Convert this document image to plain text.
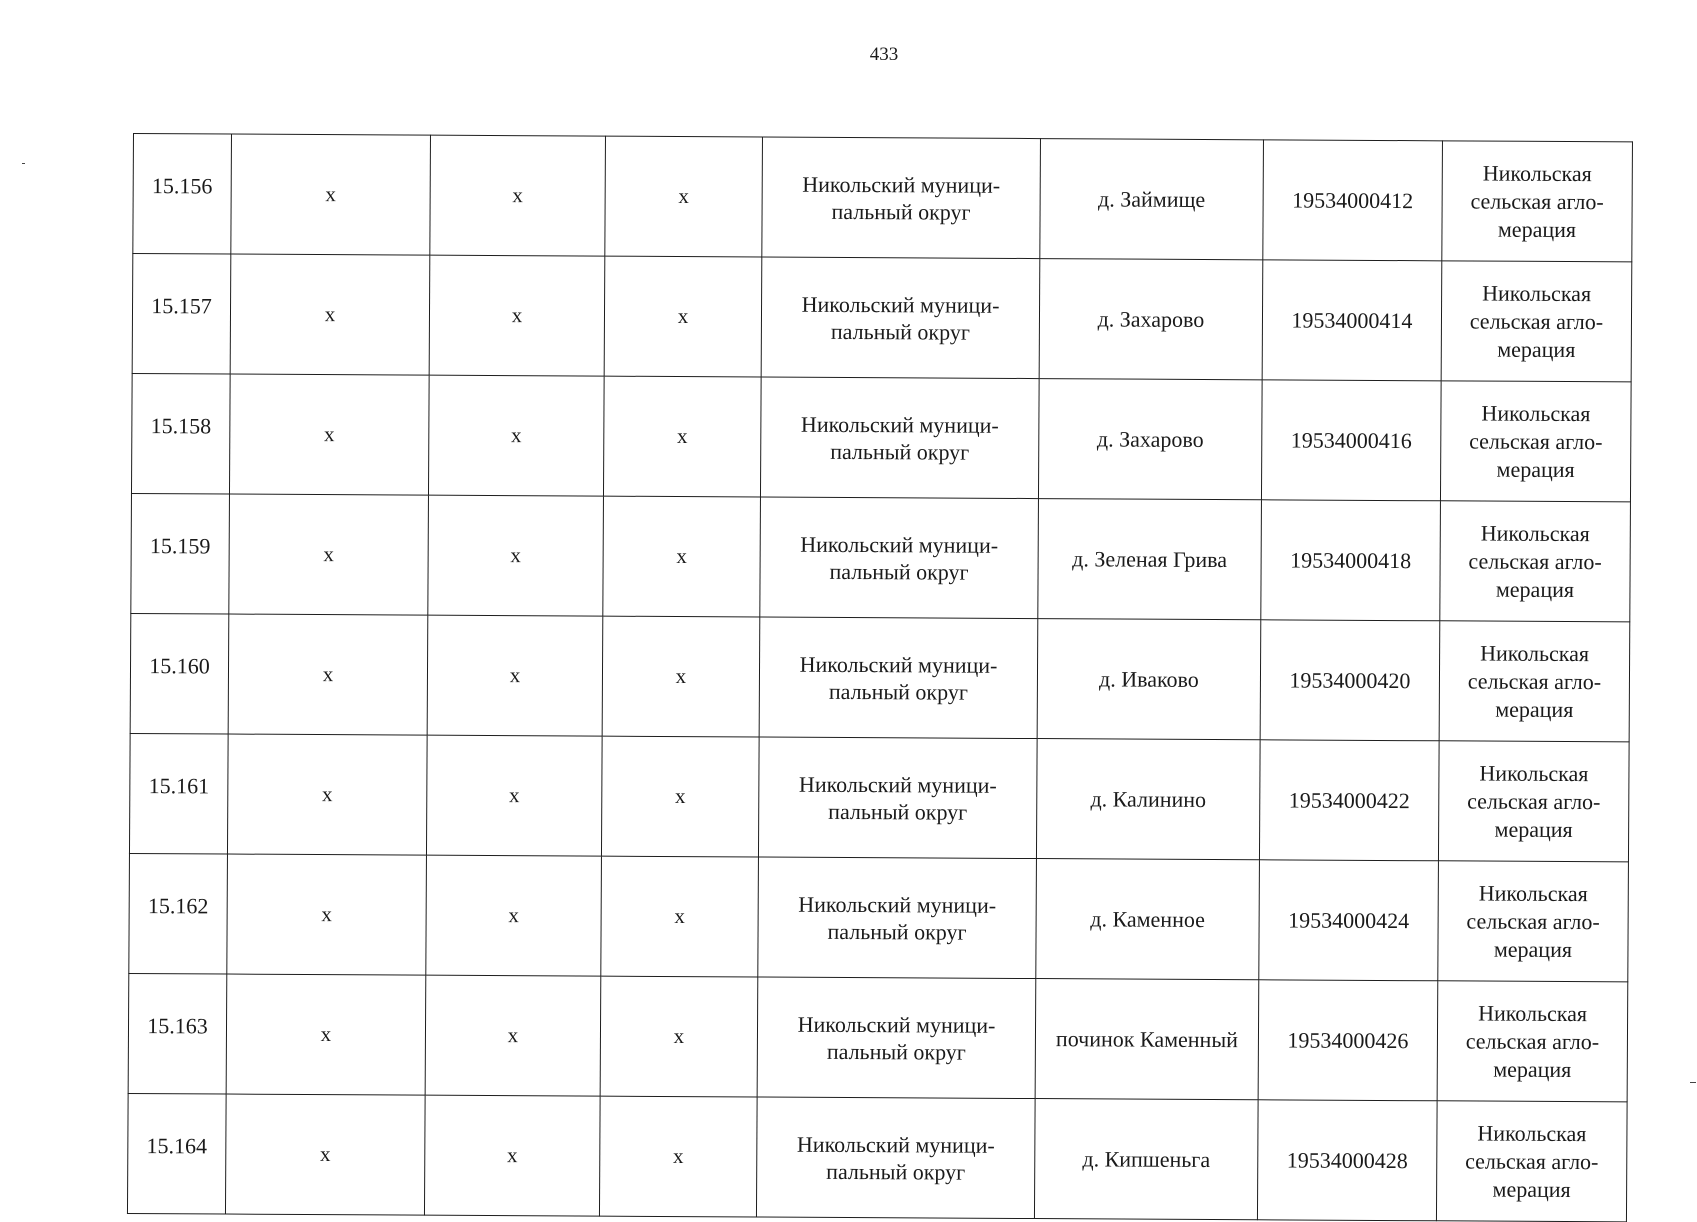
433
15.156	х	х	х	Никольский муници-
пальный округ	д. Займище	19534000412	Никольская
сельская агло-
мерация
15.157	х	х	х	Никольский муници-
пальный округ	д. Захарово	19534000414	Никольская
сельская агло-
мерация
15.158	х	х	х	Никольский муници-
пальный округ	д. Захарово	19534000416	Никольская
сельская агло-
мерация
15.159	х	х	х	Никольский муници-
пальный округ	д. Зеленая Грива	19534000418	Никольская
сельская агло-
мерация
15.160	х	х	х	Никольский муници-
пальный округ	д. Иваково	19534000420	Никольская
сельская агло-
мерация
15.161	х	х	х	Никольский муници-
пальный округ	д. Калинино	19534000422	Никольская
сельская агло-
мерация
15.162	х	х	х	Никольский муници-
пальный округ	д. Каменное	19534000424	Никольская
сельская агло-
мерация
15.163	х	х	х	Никольский муници-
пальный округ	починок Каменный	19534000426	Никольская
сельская агло-
мерация
15.164	х	х	х	Никольский муници-
пальный округ	д. Кипшеньга	19534000428	Никольская
сельская агло-
мерация
